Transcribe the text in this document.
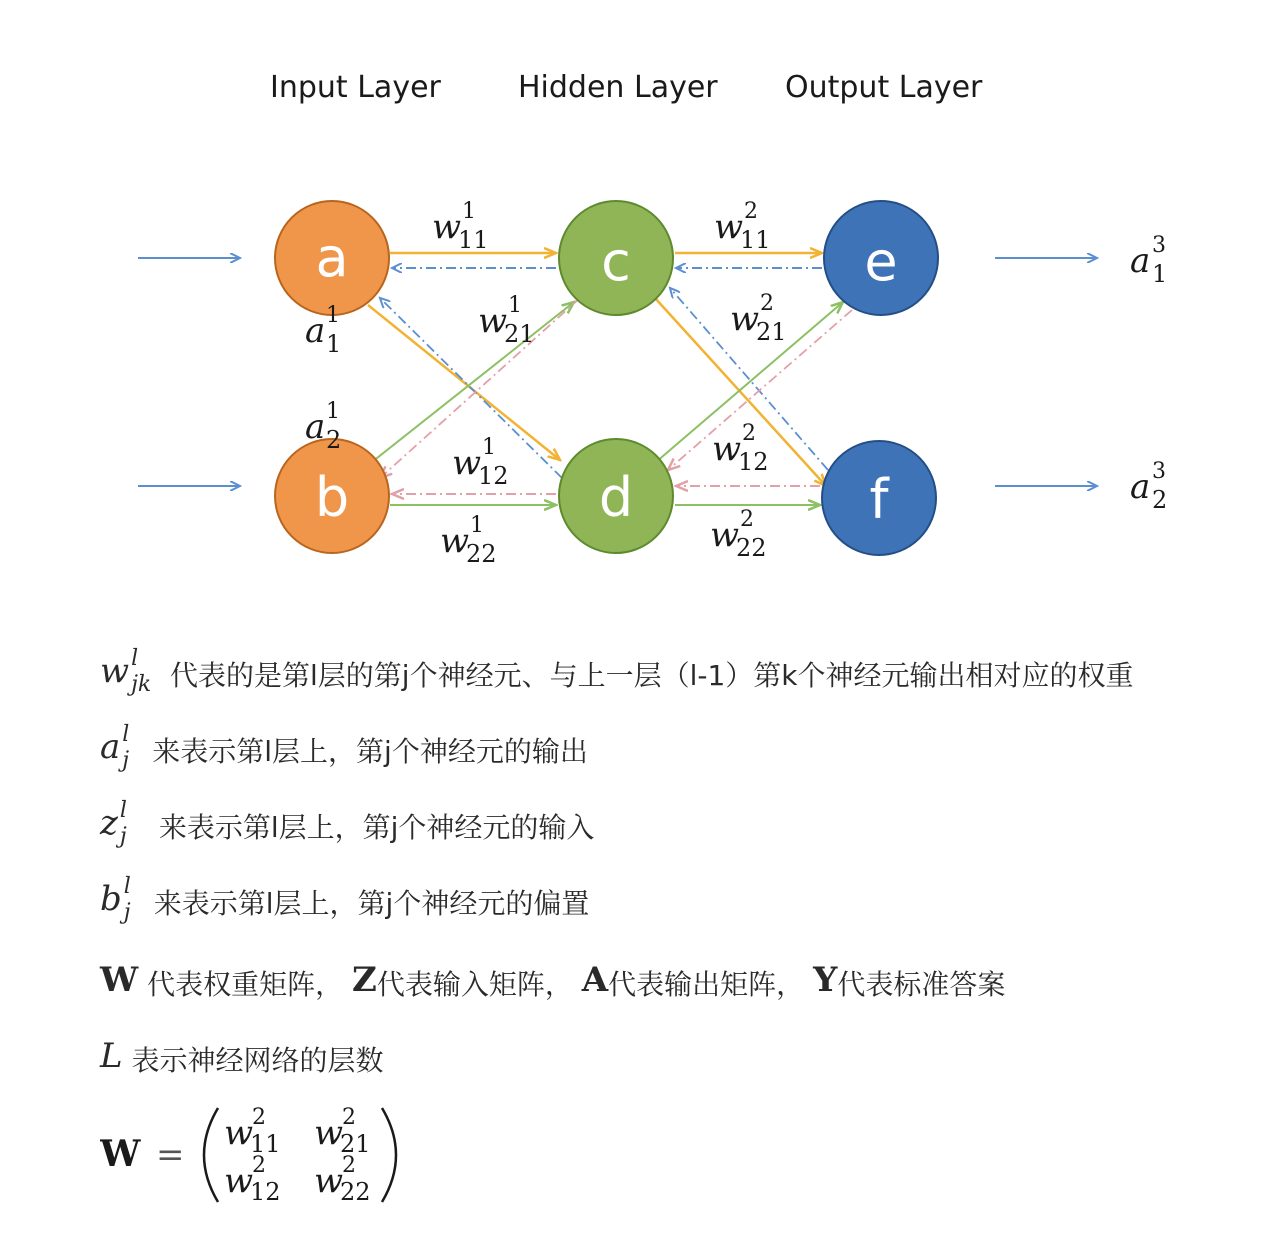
Input Layer	Hidden Layer Output Layer
a
b
c
d
e
f
w 1
11
w 1
21
w 1
12
w 1
22
w 2
11
w 2
21
w 2
12
w 2
22
a 1
1
a 1
2
a 3
1
a 3
2
w l
jk 代表的是第l层的第j个神经元、与上一层（l-1）第k个神经元输出相对应的权重
a l
j 来表示第l层上，第j个神经元的输出
z l
j 来表示第l层上，第j个神经元的输入
b l
j 来表示第l层上，第j个神经元的偏置
W 代表权重矩阵， Z代表输入矩阵， A代表输出矩阵， Y代表标准答案
L 表示神经网络的层数
W =
w
2
11 w
2
21
w
2
12 w
2
22
